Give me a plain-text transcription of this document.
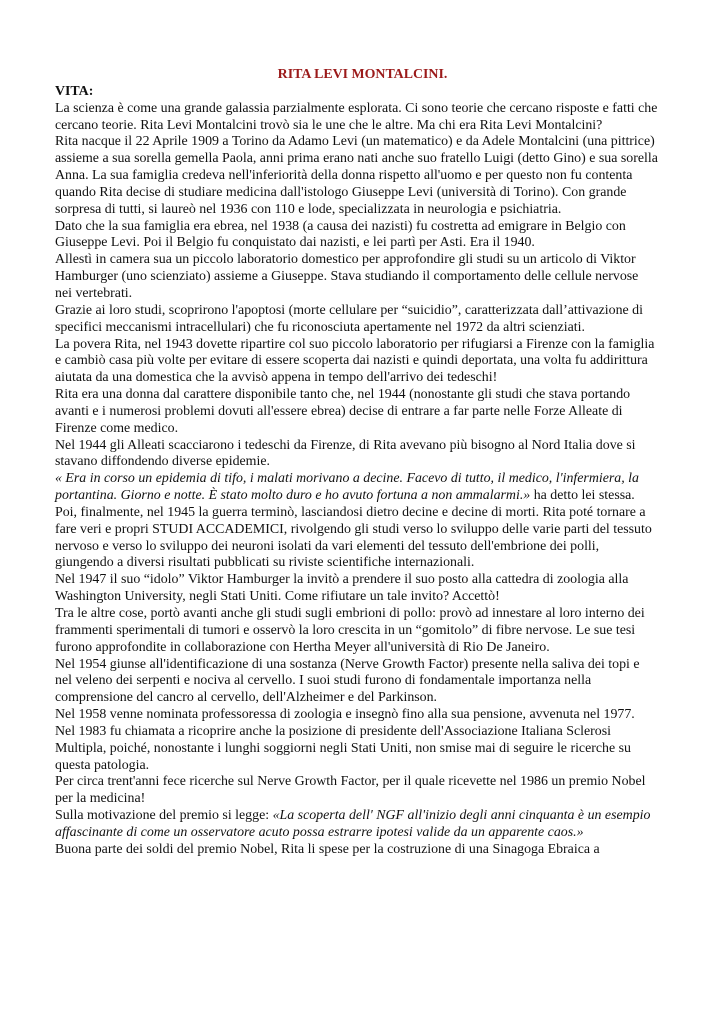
RITA LEVI MONTALCINI.
VITA:

La scienza è come una grande galassia parzialmente esplorata. Ci sono teorie che cercano risposte e fatti che cercano teorie. Rita Levi Montalcini trovò sia le une che le altre. Ma chi era Rita Levi Montalcini?

Rita nacque il 22 Aprile 1909 a Torino da Adamo Levi (un matematico) e da Adele Montalcini (una pittrice) assieme a sua sorella gemella Paola, anni prima erano nati anche suo fratello Luigi (detto Gino) e sua sorella Anna. La sua famiglia credeva nell'inferiorità della donna rispetto all'uomo e per questo non fu contenta quando Rita decise di studiare medicina dall'istologo Giuseppe Levi (università di Torino). Con grande sorpresa di tutti, si laureò nel 1936 con 110 e lode, specializzata in neurologia e psichiatria.

Dato che la sua famiglia era ebrea, nel 1938 (a causa dei nazisti) fu costretta ad emigrare in Belgio con Giuseppe Levi. Poi il Belgio fu conquistato dai nazisti, e lei partì per Asti. Era il 1940.

Allestì in camera sua un piccolo laboratorio domestico per approfondire gli studi su un articolo di Viktor Hamburger (uno scienziato) assieme a Giuseppe. Stava studiando il comportamento delle cellule nervose nei vertebrati.

Grazie ai loro studi, scoprirono l'apoptosi (morte cellulare per “suicidio”, caratterizzata dall’attivazione di specifici meccanismi intracellulari) che fu riconosciuta apertamente nel 1972 da altri scienziati.

La povera Rita, nel 1943 dovette ripartire col suo piccolo laboratorio per rifugiarsi a Firenze con la famiglia e cambiò casa più volte per evitare di essere scoperta dai nazisti e quindi deportata, una volta fu addirittura aiutata da una domestica che la avvisò appena in tempo dell'arrivo dei tedeschi!

Rita era una donna dal carattere disponibile tanto che, nel 1944 (nonostante gli studi che stava portando avanti e i numerosi problemi dovuti all'essere ebrea) decise di entrare a far parte nelle Forze Alleate di Firenze come medico.

Nel 1944 gli Alleati scacciarono i tedeschi da Firenze, di Rita avevano più bisogno al Nord Italia dove si stavano diffondendo diverse epidemie.

« Era in corso un epidemia di tifo, i malati morivano a decine. Facevo di tutto, il medico, l'infermiera, la portantina. Giorno e notte. È stato molto duro e ho avuto fortuna a non ammalarmi.» ha detto lei stessa.

Poi, finalmente, nel 1945 la guerra terminò, lasciandosi dietro decine e decine di morti. Rita poté tornare a fare veri e propri STUDI ACCADEMICI, rivolgendo gli studi verso lo sviluppo delle varie parti del tessuto nervoso e verso lo sviluppo dei neuroni isolati da vari elementi del tessuto dell'embrione dei polli, giungendo a diversi risultati pubblicati su riviste scientifiche internazionali.

Nel 1947 il suo “idolo” Viktor Hamburger la invitò a prendere il suo posto alla cattedra di zoologia alla Washington University, negli Stati Uniti. Come rifiutare un tale invito? Accettò!

Tra le altre cose, portò avanti anche gli studi sugli embrioni di pollo: provò ad innestare al loro interno dei frammenti sperimentali di tumori e osservò la loro crescita in un “gomitolo” di fibre nervose. Le sue tesi furono approfondite in collaborazione con Hertha Meyer all'università di Rio De Janeiro.

Nel 1954 giunse all'identificazione di una sostanza (Nerve Growth Factor) presente nella saliva dei topi e nel veleno dei serpenti e nociva al cervello. I suoi studi furono di fondamentale importanza nella comprensione del cancro al cervello, dell'Alzheimer e del Parkinson.

Nel 1958 venne nominata professoressa di zoologia e insegnò fino alla sua pensione, avvenuta nel 1977. Nel 1983 fu chiamata a ricoprire anche la posizione di presidente dell'Associazione Italiana Sclerosi Multipla, poiché, nonostante i lunghi soggiorni negli Stati Uniti, non smise mai di seguire le ricerche su questa patologia.

Per circa trent'anni fece ricerche sul Nerve Growth Factor, per il quale ricevette nel 1986 un premio Nobel per la medicina!

Sulla motivazione del premio si legge: «La scoperta dell' NGF all'inizio degli anni cinquanta è un esempio affascinante di come un osservatore acuto possa estrarre ipotesi valide da un apparente caos.»

Buona parte dei soldi del premio Nobel, Rita li spese per la costruzione di una Sinagoga Ebraica a
